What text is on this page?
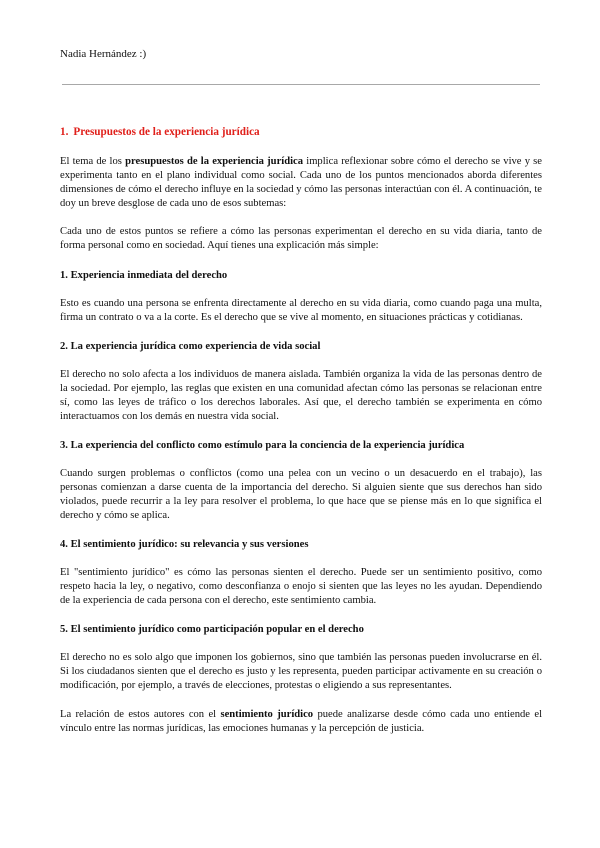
Nadia Hernández :)
1. Presupuestos de la experiencia jurídica

El tema de los presupuestos de la experiencia jurídica implica reflexionar sobre cómo el derecho se vive y se experimenta tanto en el plano individual como social. Cada uno de los puntos mencionados aborda diferentes dimensiones de cómo el derecho influye en la sociedad y cómo las personas interactúan con él. A continuación, te doy un breve desglose de cada uno de esos subtemas:

Cada uno de estos puntos se refiere a cómo las personas experimentan el derecho en su vida diaria, tanto de forma personal como en sociedad. Aquí tienes una explicación más simple:

1. Experiencia inmediata del derecho

Esto es cuando una persona se enfrenta directamente al derecho en su vida diaria, como cuando paga una multa, firma un contrato o va a la corte. Es el derecho que se vive al momento, en situaciones prácticas y cotidianas.

2. La experiencia jurídica como experiencia de vida social

El derecho no solo afecta a los individuos de manera aislada. También organiza la vida de las personas dentro de la sociedad. Por ejemplo, las reglas que existen en una comunidad afectan cómo las personas se relacionan entre sí, como las leyes de tráfico o los derechos laborales. Así que, el derecho también se experimenta en cómo interactuamos con los demás en nuestra vida social.

3. La experiencia del conflicto como estímulo para la conciencia de la experiencia jurídica

Cuando surgen problemas o conflictos (como una pelea con un vecino o un desacuerdo en el trabajo), las personas comienzan a darse cuenta de la importancia del derecho. Si alguien siente que sus derechos han sido violados, puede recurrir a la ley para resolver el problema, lo que hace que se piense más en lo que significa el derecho y cómo se aplica.

4. El sentimiento jurídico: su relevancia y sus versiones

El "sentimiento jurídico" es cómo las personas sienten el derecho. Puede ser un sentimiento positivo, como respeto hacia la ley, o negativo, como desconfianza o enojo si sienten que las leyes no les ayudan. Dependiendo de la experiencia de cada persona con el derecho, este sentimiento cambia.

5. El sentimiento jurídico como participación popular en el derecho

El derecho no es solo algo que imponen los gobiernos, sino que también las personas pueden involucrarse en él. Si los ciudadanos sienten que el derecho es justo y les representa, pueden participar activamente en su creación o modificación, por ejemplo, a través de elecciones, protestas o eligiendo a sus representantes.

La relación de estos autores con el sentimiento jurídico puede analizarse desde cómo cada uno entiende el vínculo entre las normas jurídicas, las emociones humanas y la percepción de justicia.
